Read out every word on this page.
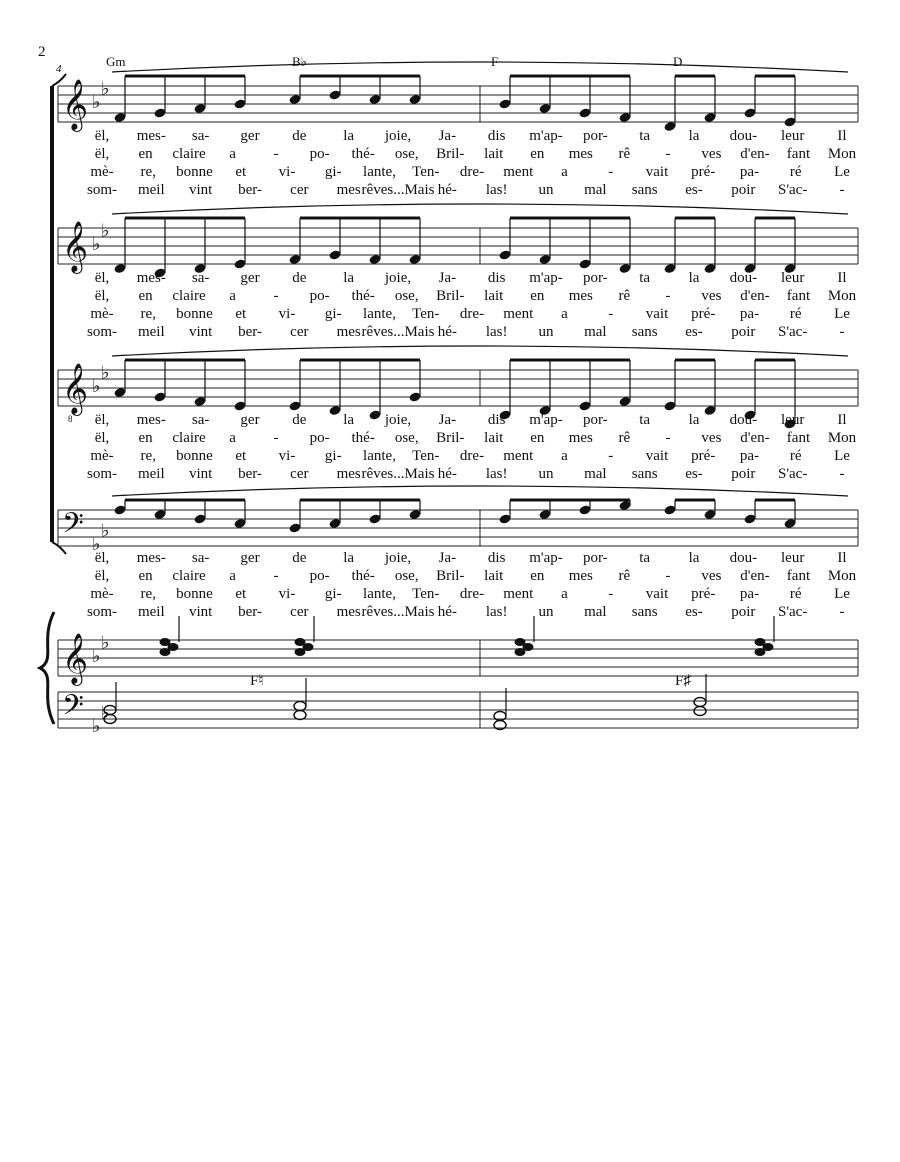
2
4	Gm	B♭	F	D
𝄞 ♭
♭
𝄞 ♭
♭
𝄞
8
♭
♭
𝄢 ♭
♭
𝄞 ♭
♭
𝄢 ♭
♭
ël, mes- sa- ger de la joie, Ja- dis m'ap- por- ta	la dou- leur Il
ël, en claire a	- po- thé- ose, Bril- lait en mes rê - ves d'en- fant Mon
mè- re, bonne et vi- gi- lante, Ten- dre- ment a	- vait pré- pa- ré Le
som- meil vint ber- cer mes rêves...Mais hé- las! un mal sans es- poir S'ac- -
ël, mes- sa- ger de la joie, Ja- dis m'ap- por- ta	la dou- leur Il
ël, en claire a	- po- thé- ose, Bril- lait en mes rê - ves d'en- fant Mon
mè- re, bonne et vi- gi- lante, Ten- dre- ment a	- vait pré- pa- ré Le
som- meil vint ber- cer mes rêves...Mais hé- las! un mal sans es- poir S'ac- -
ël, mes- sa- ger de la joie, Ja- dis m'ap- por- ta	la dou- leur Il
ël, en claire a	- po- thé- ose, Bril- lait en mes rê - ves d'en- fant Mon
mè- re, bonne et vi- gi- lante, Ten- dre- ment a	- vait pré- pa- ré Le
som- meil vint ber- cer mes rêves...Mais hé- las! un mal sans es- poir S'ac- -
ël, mes- sa- ger de la joie, Ja- dis m'ap- por- ta	la dou- leur Il
ël, en claire a	- po- thé- ose, Bril- lait en mes rê - ves d'en- fant Mon
mè- re, bonne et vi- gi- lante, Ten- dre- ment a	- vait pré- pa- ré Le
som- meil vint ber- cer mes rêves...Mais hé- las! un mal sans es- poir S'ac- -
F♮	F♯
